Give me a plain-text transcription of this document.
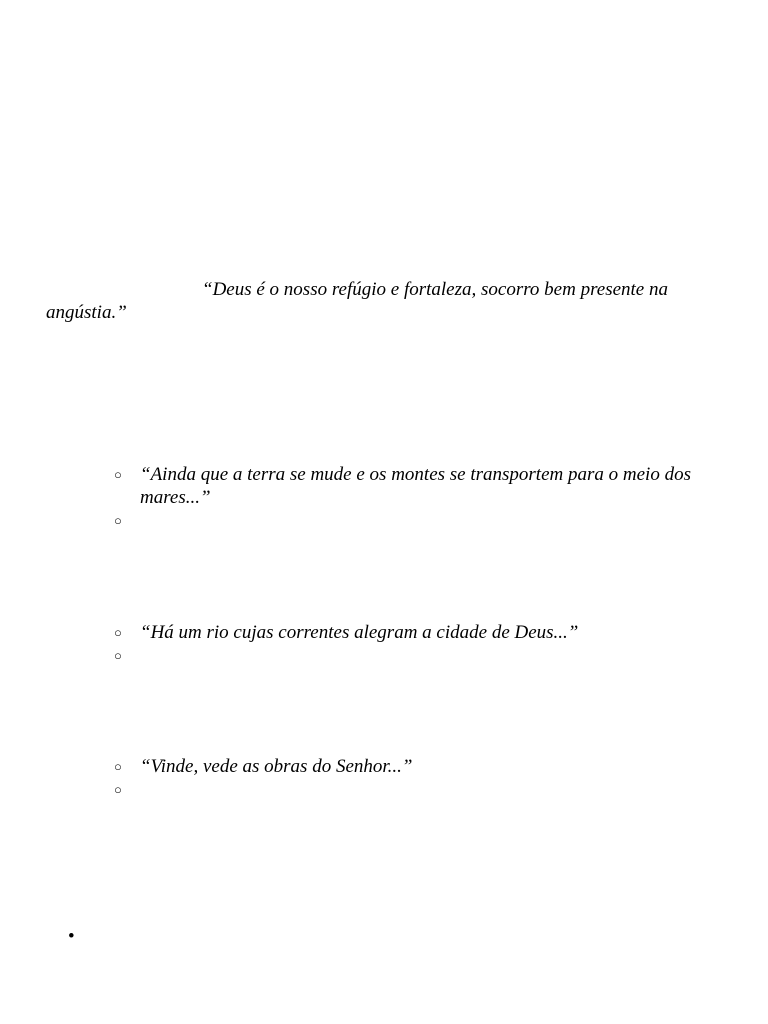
“Deus é o nosso refúgio e fortaleza, socorro bem presente na angústia.”

○ “Ainda que a terra se mude e os montes se transportem para o meio dos mares...”
○
○ “Há um rio cujas correntes alegram a cidade de Deus...”
○
○ “Vinde, vede as obras do Senhor...”
○
•
